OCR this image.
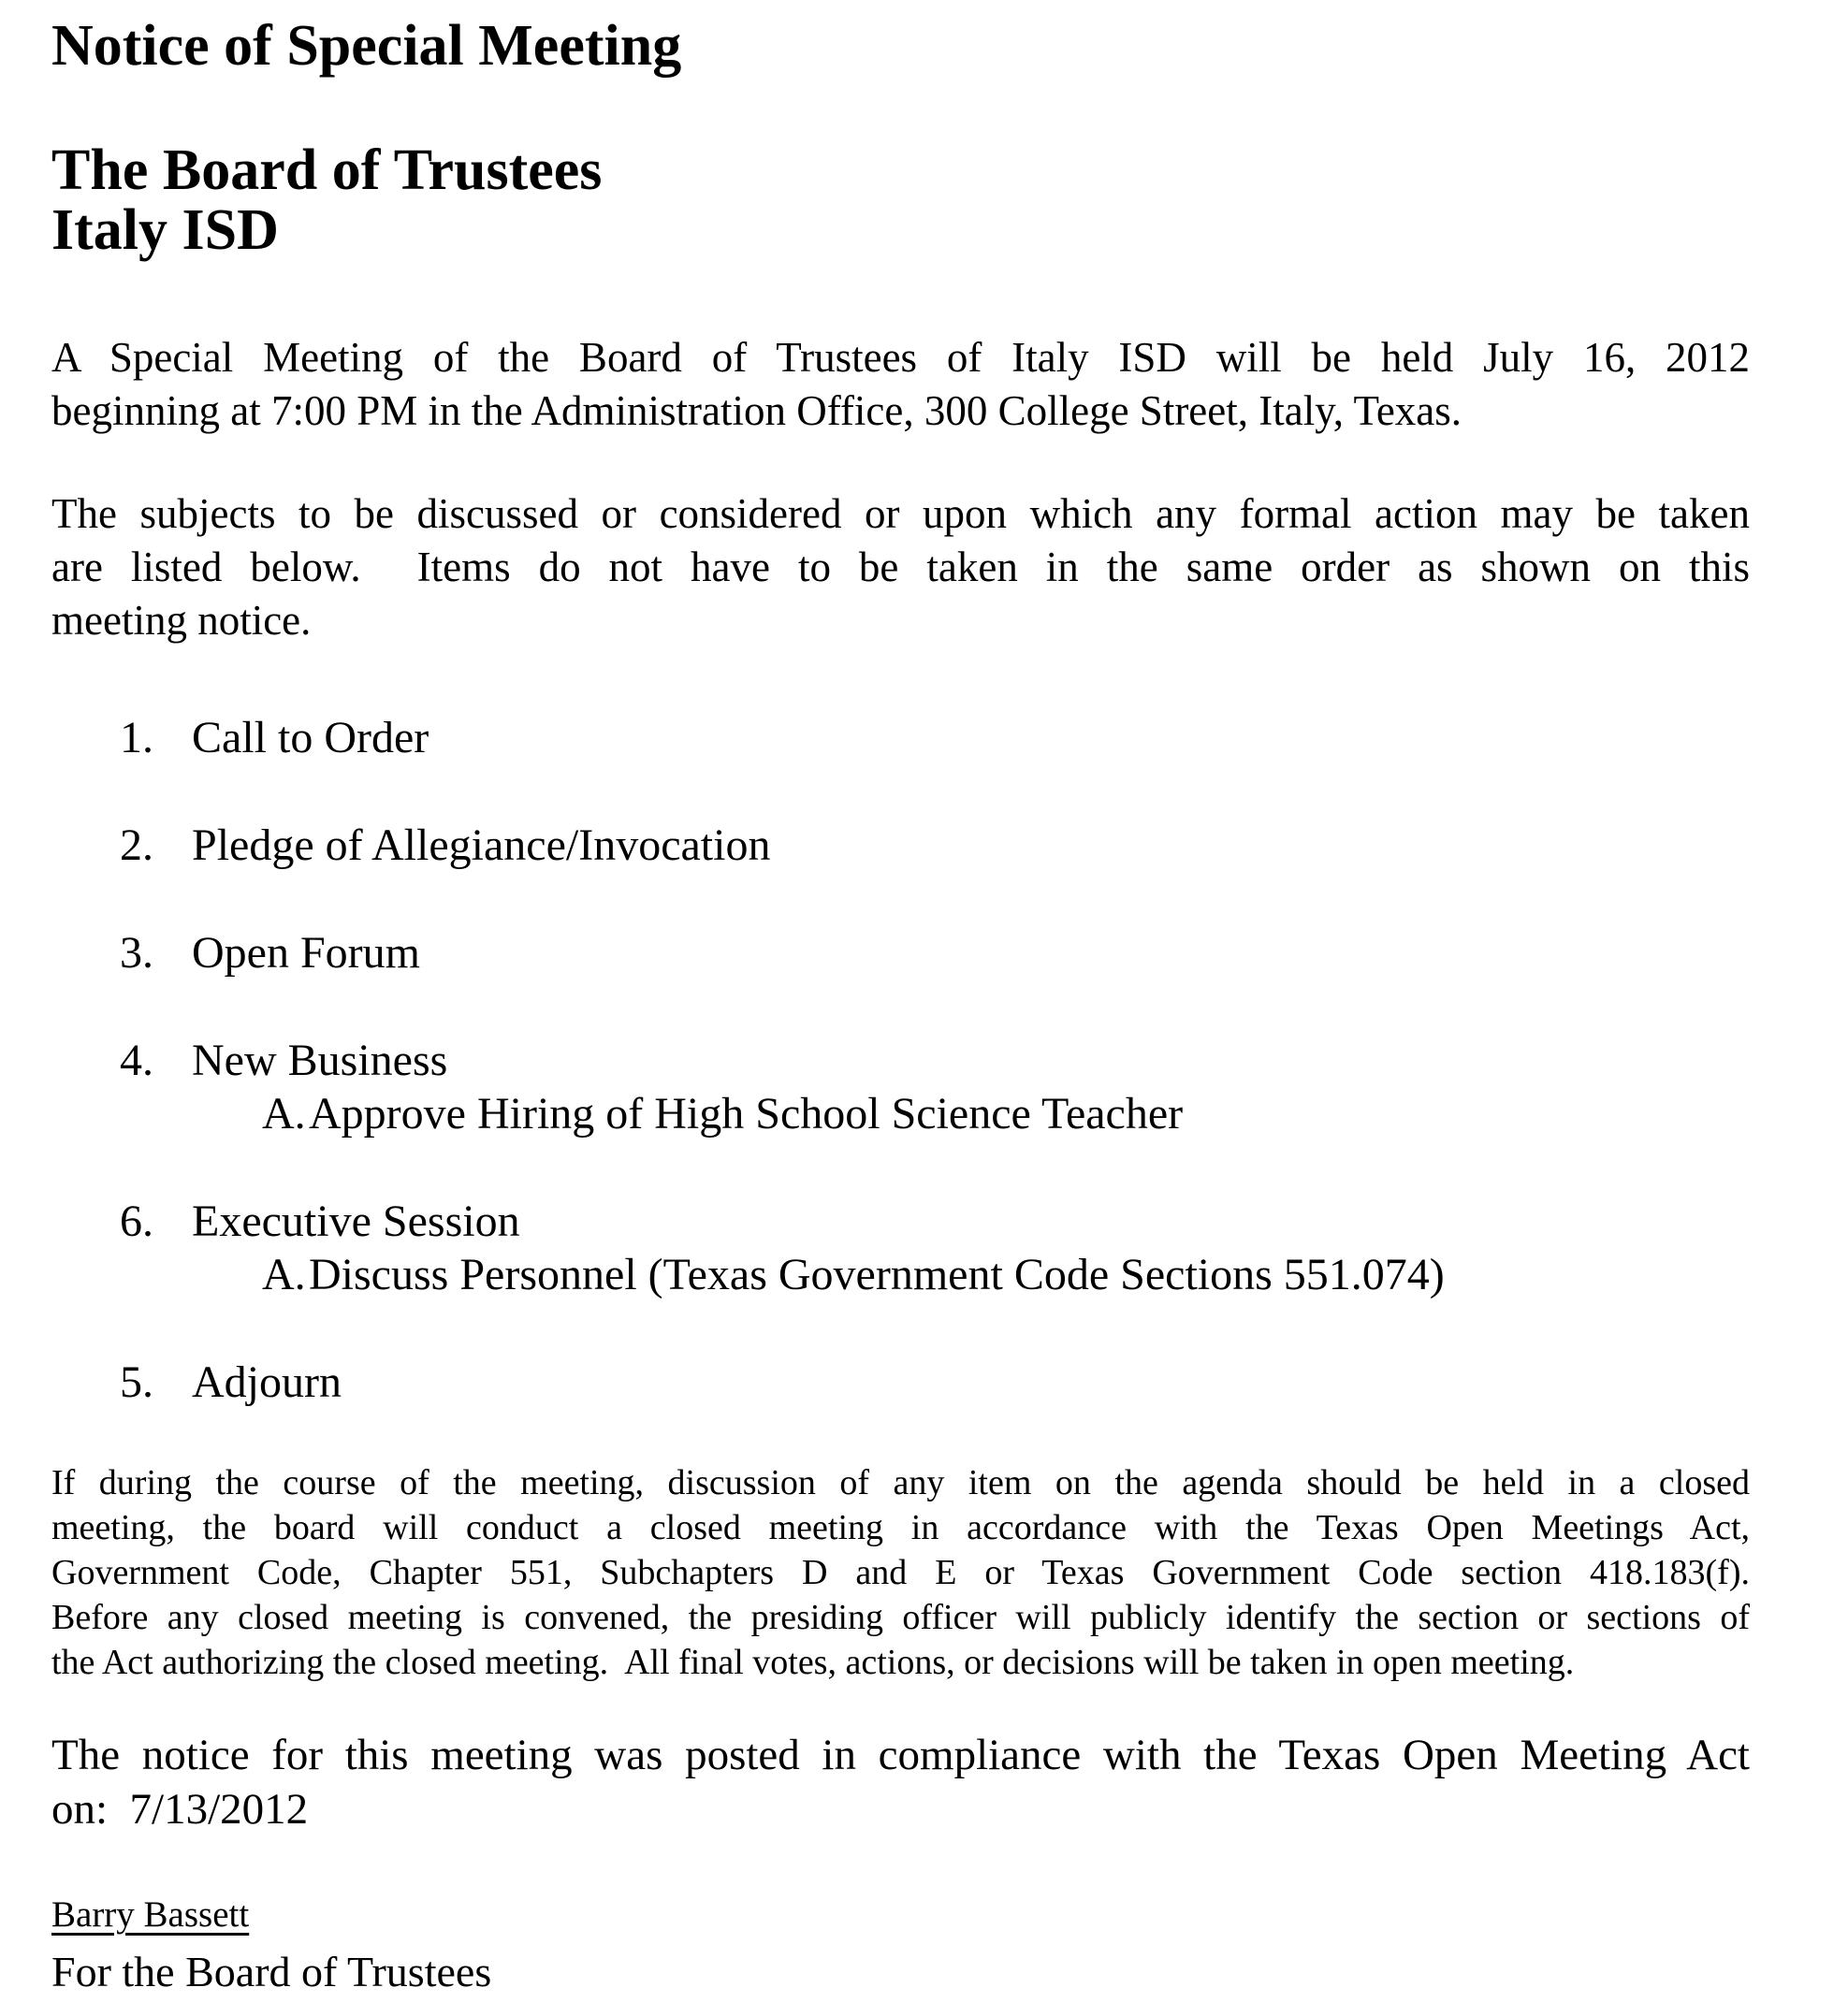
Notice of Special Meeting
The Board of Trustees
Italy ISD
A Special Meeting of the Board of Trustees of Italy ISD will be held July 16, 2012
beginning at 7:00 PM in the Administration Office, 300 College Street, Italy, Texas.
The subjects to be discussed or considered or upon which any formal action may be taken
are listed below.  Items do not have to be taken in the same order as shown on this
meeting notice.
1. Call to Order
2. Pledge of Allegiance/Invocation
3. Open Forum
4. New Business
A.Approve Hiring of High School Science Teacher
6. Executive Session
A.Discuss Personnel (Texas Government Code Sections 551.074)
5. Adjourn
If during the course of the meeting, discussion of any item on the agenda should be held in a closed
meeting, the board will conduct a closed meeting in accordance with the Texas Open Meetings Act,
Government Code, Chapter 551, Subchapters D and E or Texas Government Code section 418.183(f).
Before any closed meeting is convened, the presiding officer will publicly identify the section or sections of
the Act authorizing the closed meeting.  All final votes, actions, or decisions will be taken in open meeting.
The notice for this meeting was posted in compliance with the Texas Open Meeting Act
on:  7/13/2012
Barry Bassett
For the Board of Trustees
